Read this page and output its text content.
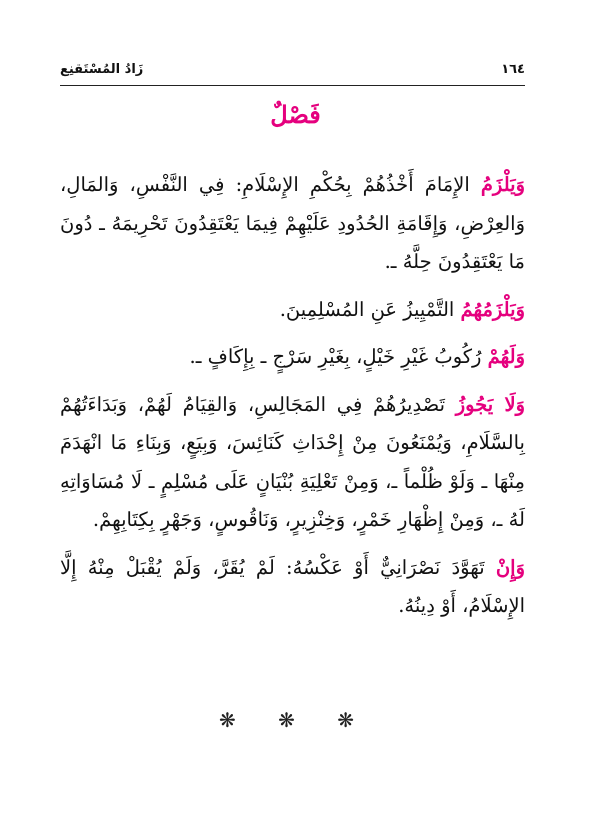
١٦٤
زَادُ المُسْتَقنِع
فَصْلٌ

وَيَلْزَمُ الإِمَامَ أَخْذُهُمْ بِحُكْمِ الإِسْلَامِ: فِي النَّفْسِ، وَالمَالِ، وَالعِرْضِ، وَإِقَامَةِ الحُدُودِ عَلَيْهِمْ فِيمَا يَعْتَقِدُونَ تَحْرِيمَهُ ـ دُونَ مَا يَعْتَقِدُونَ حِلَّهُ ـ.

وَيَلْزَمُهُمُ التَّمْيِيزُ عَنِ المُسْلِمِينَ.

وَلَهُمْ رُكُوبُ غَيْرِ خَيْلٍ، بِغَيْرِ سَرْجٍ ـ بِإِكَافٍ ـ.

وَلَا يَجُوزُ تَصْدِيرُهُمْ فِي المَجَالِسِ، وَالقِيَامُ لَهُمْ، وَبَدَاءَتُهُمْ بِالسَّلَامِ، وَيُمْنَعُونَ مِنْ إِحْدَاثِ كَنَائِسَ، وَبِيَعٍ، وَبِنَاءِ مَا انْهَدَمَ مِنْهَا ـ وَلَوْ ظُلْماً ـ، وَمِنْ تَعْلِيَةِ بُنْيَانٍ عَلَى مُسْلِمٍ ـ لَا مُسَاوَاتِهِ لَهُ ـ، وَمِنْ إِظْهَارِ خَمْرٍ، وَخِنْزِيرٍ، وَنَاقُوسٍ، وَجَهْرٍ بِكِتَابِهِمْ.

وَإِنْ تَهَوَّدَ نَصْرَانِيٌّ أَوْ عَكْسُهُ: لَمْ يُقَرَّ، وَلَمْ يُقْبَلْ مِنْهُ إِلَّا الإِسْلَامُ، أَوْ دِينُهُ.

❋ ❋ ❋
